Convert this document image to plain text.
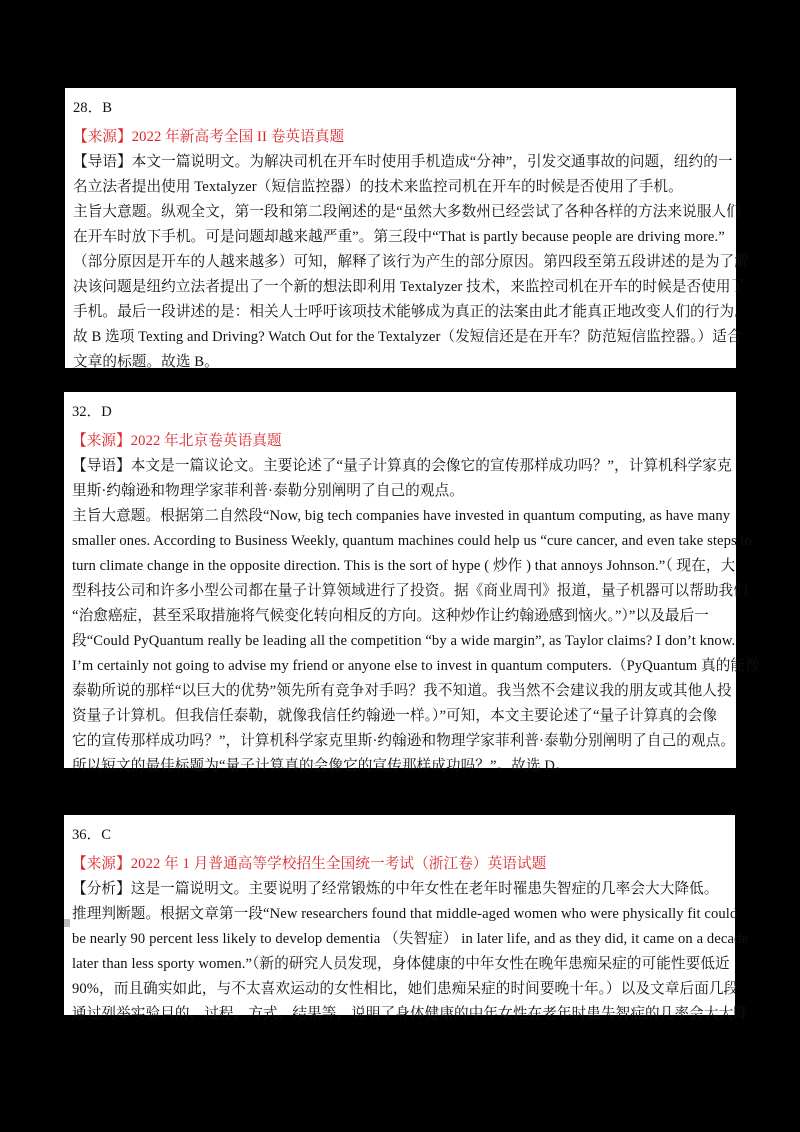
28．B
【来源】2022 年新高考全国 II 卷英语真题
【导语】本文一篇说明文。为解决司机在开车时使用手机造成“分神”，引发交通事故的问题，纽约的一
名立法者提出使用 Textalyzer（短信监控器）的技术来监控司机在开车的时候是否使用了手机。
主旨大意题。纵观全文，第一段和第二段阐述的是“虽然大多数州已经尝试了各种各样的方法来说服人们
在开车时放下手机。可是问题却越来越严重”。第三段中“That is partly because people are driving more.”
（部分原因是开车的人越来越多）可知，解释了该行为产生的部分原因。第四段至第五段讲述的是为了解
决该问题是纽约立法者提出了一个新的想法即利用 Textalyzer 技术，来监控司机在开车的时候是否使用了
手机。最后一段讲述的是：相关人士呼吁该项技术能够成为真正的法案由此才能真正地改变人们的行为。
故 B 选项 Texting and Driving? Watch Out for the Textalyzer（发短信还是在开车？防范短信监控器。）适合
文章的标题。故选 B。
32．D
【来源】2022 年北京卷英语真题
【导语】本文是一篇议论文。主要论述了“量子计算真的会像它的宣传那样成功吗？”，计算机科学家克
里斯·约翰逊和物理学家菲利普·泰勒分别阐明了自己的观点。
主旨大意题。根据第二自然段“Now, big tech companies have invested in quantum computing, as have many
smaller ones. According to Business Weekly, quantum machines could help us “cure cancer, and even take steps to
turn climate change in the opposite direction. This is the sort of hype ( 炒作 ) that annoys Johnson.”（ 现在，大
型科技公司和许多小型公司都在量子计算领域进行了投资。据《商业周刊》报道，量子机器可以帮助我们
“治愈癌症，甚至采取措施将气候变化转向相反的方向。这种炒作让约翰逊感到恼火。”）”以及最后一
段“Could PyQuantum really be leading all the competition “by a wide margin”, as Taylor claims? I don’t know.
I’m certainly not going to advise my friend or anyone else to invest in quantum computers.（PyQuantum 真的能像
泰勒所说的那样“以巨大的优势”领先所有竞争对手吗？我不知道。我当然不会建议我的朋友或其他人投
资量子计算机。但我信任泰勒，就像我信任约翰逊一样。）”可知，本文主要论述了“量子计算真的会像
它的宣传那样成功吗？”，计算机科学家克里斯·约翰逊和物理学家菲利普·泰勒分别阐明了自己的观点。
所以短文的最佳标题为“量子计算真的会像它的宣传那样成功吗？”。故选 D。
36．C
【来源】2022 年 1 月普通高等学校招生全国统一考试（浙江卷）英语试题
【分析】这是一篇说明文。主要说明了经常锻炼的中年女性在老年时罹患失智症的几率会大大降低。
推理判断题。根据文章第一段“New researchers found that middle-aged women who were physically fit could
be nearly 90 percent less likely to develop dementia （失智症） in later life, and as they did, it came on a decade
later than less sporty women.”（新的研究人员发现，身体健康的中年女性在晚年患痴呆症的可能性要低近
90%，而且确实如此，与不太喜欢运动的女性相比，她们患痴呆症的时间要晚十年。）以及文章后面几段
通过列举实验目的、过程、方式、结果等，说明了身体健康的中年女性在老年时患失智症的几率会大大降
